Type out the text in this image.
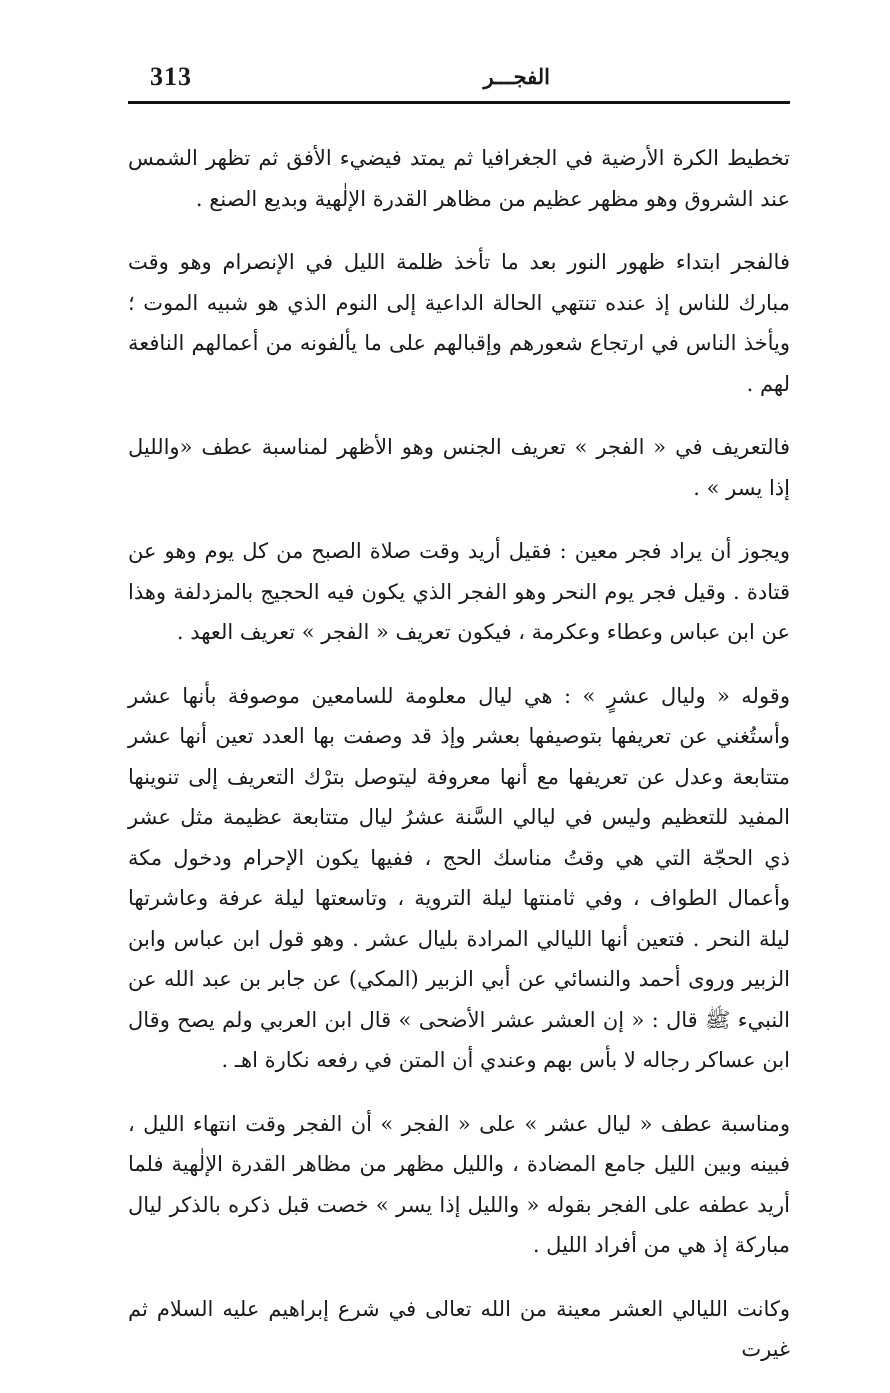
313	الفجـــر

تخطيط الكرة الأرضية في الجغرافيا ثم يمتد فيضيء الأفق ثم تظهر الشمس عند الشروق وهو مظهر عظيم من مظاهر القدرة الإلٰهية وبديع الصنع .

فالفجر ابتداء ظهور النور بعد ما تأخذ ظلمة الليل في الإنصرام وهو وقت مبارك للناس إذ عنده تنتهي الحالة الداعية إلى النوم الذي هو شبيه الموت ؛ ويأخذ الناس في ارتجاع شعورهم وإقبالهم على ما يألفونه من أعمالهم النافعة لهم .

فالتعريف في « الفجر » تعريف الجنس وهو الأظهر لمناسبة عطف «والليل إذا يسر » .

ويجوز أن يراد فجر معين : فقيل أريد وقت صلاة الصبح من كل يوم وهو عن قتادة . وقيل فجر يوم النحر وهو الفجر الذي يكون فيه الحجيج بالمزدلفة وهذا عن ابن عباس وعطاء وعكرمة ، فيكون تعريف « الفجر » تعريف العهد .

وقوله « وليال عشرٍ » : هي ليال معلومة للسامعين موصوفة بأنها عشر وأستُغني عن تعريفها بتوصيفها بعشر وإذ قد وصفت بها العدد تعين أنها عشر متتابعة وعدل عن تعريفها مع أنها معروفة ليتوصل بترْك التعريف إلى تنوينها المفيد للتعظيم وليس في ليالي السَّنة عشرُ ليال متتابعة عظيمة مثل عشر ذي الحجّة التي هي وقتُ مناسك الحج ، ففيها يكون الإحرام ودخول مكة وأعمال الطواف ، وفي ثامنتها ليلة التروية ، وتاسعتها ليلة عرفة وعاشرتها ليلة النحر . فتعين أنها الليالي المرادة بليال عشر . وهو قول ابن عباس وابن الزبير وروى أحمد والنسائي عن أبي الزبير (المكي) عن جابر بن عبد الله عن النبيء ﷺ قال : « إن العشر عشر الأضحى » قال ابن العربي ولم يصح وقال ابن عساكر رجاله لا بأس بهم وعندي أن المتن في رفعه نكارة اهـ .

ومناسبة عطف « ليال عشر » على « الفجر » أن الفجر وقت انتهاء الليل ، فبينه وبين الليل جامع المضادة ، والليل مظهر من مظاهر القدرة الإلٰهية فلما أريد عطفه على الفجر بقوله « والليل إذا يسر » خصت قبل ذكره بالذكر ليال مباركة إذ هي من أفراد الليل .

وكانت الليالي العشر معينة من الله تعالى في شرع إبراهيم عليه السلام ثم غيرت
